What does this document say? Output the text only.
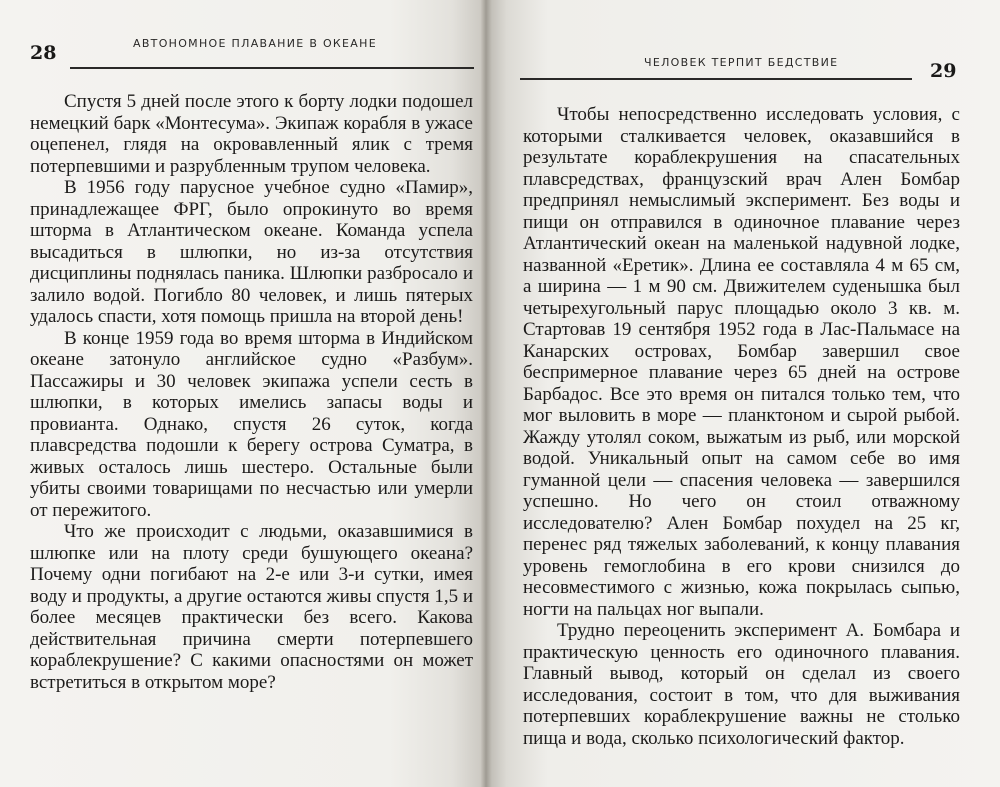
28	АВТОНОМНОЕ ПЛАВАНИЕ В ОКЕАНЕ

Спустя 5 дней после этого к борту лодки подошел немецкий барк «Монтесума». Экипаж корабля в ужасе оцепенел, глядя на окровавленный ялик с тремя потерпевшими и разрубленным трупом человека.

В 1956 году парусное учебное судно «Памир», принадлежащее ФРГ, было опрокинуто во время шторма в Атлантическом океане. Команда успела высадиться в шлюпки, но из-за отсутствия дисциплины поднялась паника. Шлюпки разбросало и залило водой. Погибло 80 человек, и лишь пятерых удалось спасти, хотя помощь пришла на второй день!

В конце 1959 года во время шторма в Индийском океане затонуло английское судно «Разбум». Пассажиры и 30 человек экипажа успели сесть в шлюпки, в которых имелись запасы воды и провианта. Однако, спустя 26 суток, когда плавсредства подошли к берегу острова Суматра, в живых осталось лишь шестеро. Остальные были убиты своими товарищами по несчастью или умерли от пережитого.

Что же происходит с людьми, оказавшимися в шлюпке или на плоту среди бушующего океана? Почему одни погибают на 2-е или 3-и сутки, имея воду и продукты, а другие остаются живы спустя 1,5 и более месяцев практически без всего. Какова действительная причина смерти потерпевшего кораблекрушение? С какими опасностями он может встретиться в открытом море?

ЧЕЛОВЕК ТЕРПИТ БЕДСТВИЕ	29

Чтобы непосредственно исследовать условия, с которыми сталкивается человек, оказавшийся в результате кораблекрушения на спасательных плавсредствах, французский врач Ален Бомбар предпринял немыслимый эксперимент. Без воды и пищи он отправился в одиночное плавание через Атлантический океан на маленькой надувной лодке, названной «Еретик». Длина ее составляла 4 м 65 см, а ширина — 1 м 90 см. Движителем суденышка был четырехугольный парус площадью около 3 кв. м. Стартовав 19 сентября 1952 года в Лас-Пальмасе на Канарских островах, Бомбар завершил свое беспримерное плавание через 65 дней на острове Барбадос. Все это время он питался только тем, что мог выловить в море — планктоном и сырой рыбой. Жажду утолял соком, выжатым из рыб, или морской водой. Уникальный опыт на самом себе во имя гуманной цели — спасения человека — завершился успешно. Но чего он стоил отважному исследователю? Ален Бомбар похудел на 25 кг, перенес ряд тяжелых заболеваний, к концу плавания уровень гемоглобина в его крови снизился до несовместимого с жизнью, кожа покрылась сыпью, ногти на пальцах ног выпали.

Трудно переоценить эксперимент А. Бомбара и практическую ценность его одиночного плавания. Главный вывод, который он сделал из своего исследования, состоит в том, что для выживания потерпевших кораблекрушение важны не столько пища и вода, сколько психологический фактор.
